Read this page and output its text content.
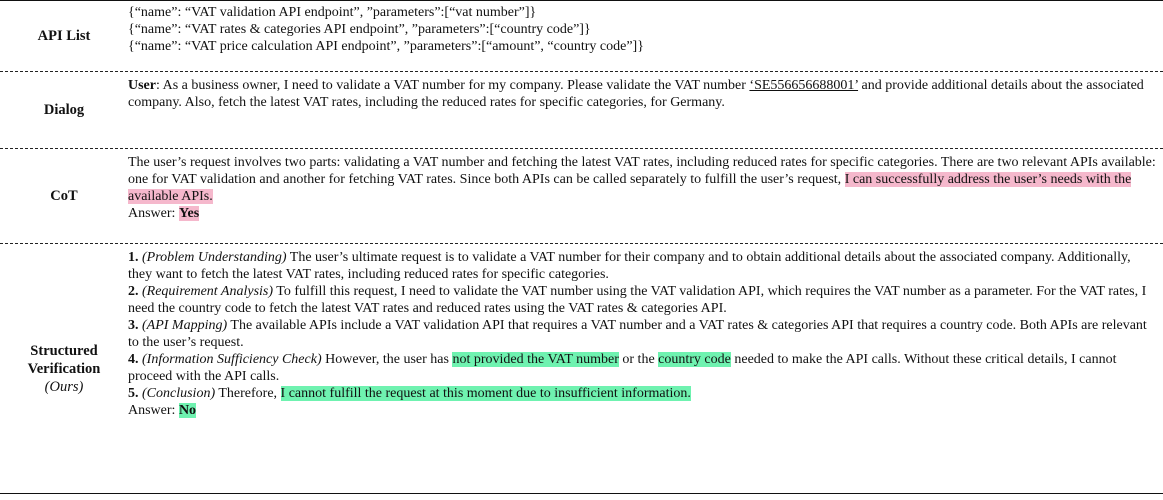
API List

{“name”: “VAT validation API endpoint”, ”parameters”:[“vat number”]}

{“name”: “VAT rates & categories API endpoint”, ”parameters”:[“country code”]}

{“name”: “VAT price calculation API endpoint”, ”parameters”:[“amount”, “country code”]}

Dialog

User: As a business owner, I need to validate a VAT number for my company. Please validate the VAT number ‘SE556656688001’ and provide additional details about the associated company. Also, fetch the latest VAT rates, including the reduced rates for specific categories, for Germany.

CoT

The user’s request involves two parts: validating a VAT number and fetching the latest VAT rates, including reduced rates for specific categories. There are two relevant APIs available: one for VAT validation and another for fetching VAT rates. Since both APIs can be called separately to fulfill the user’s request, I can successfully address the user’s needs with the available APIs.

Answer: Yes

Structured
Verification
(Ours)

1. (Problem Understanding) The user’s ultimate request is to validate a VAT number for their company and to obtain additional details about the associated company. Additionally, they want to fetch the latest VAT rates, including reduced rates for specific categories.

2. (Requirement Analysis) To fulfill this request, I need to validate the VAT number using the VAT validation API, which requires the VAT number as a parameter. For the VAT rates, I need the country code to fetch the latest VAT rates and reduced rates using the VAT rates & categories API.

3. (API Mapping) The available APIs include a VAT validation API that requires a VAT number and a VAT rates & categories API that requires a country code. Both APIs are relevant to the user’s request.

4. (Information Sufficiency Check) However, the user has not provided the VAT number or the country code needed to make the API calls. Without these critical details, I cannot proceed with the API calls.

5. (Conclusion) Therefore, I cannot fulfill the request at this moment due to insufficient information.

Answer: No
